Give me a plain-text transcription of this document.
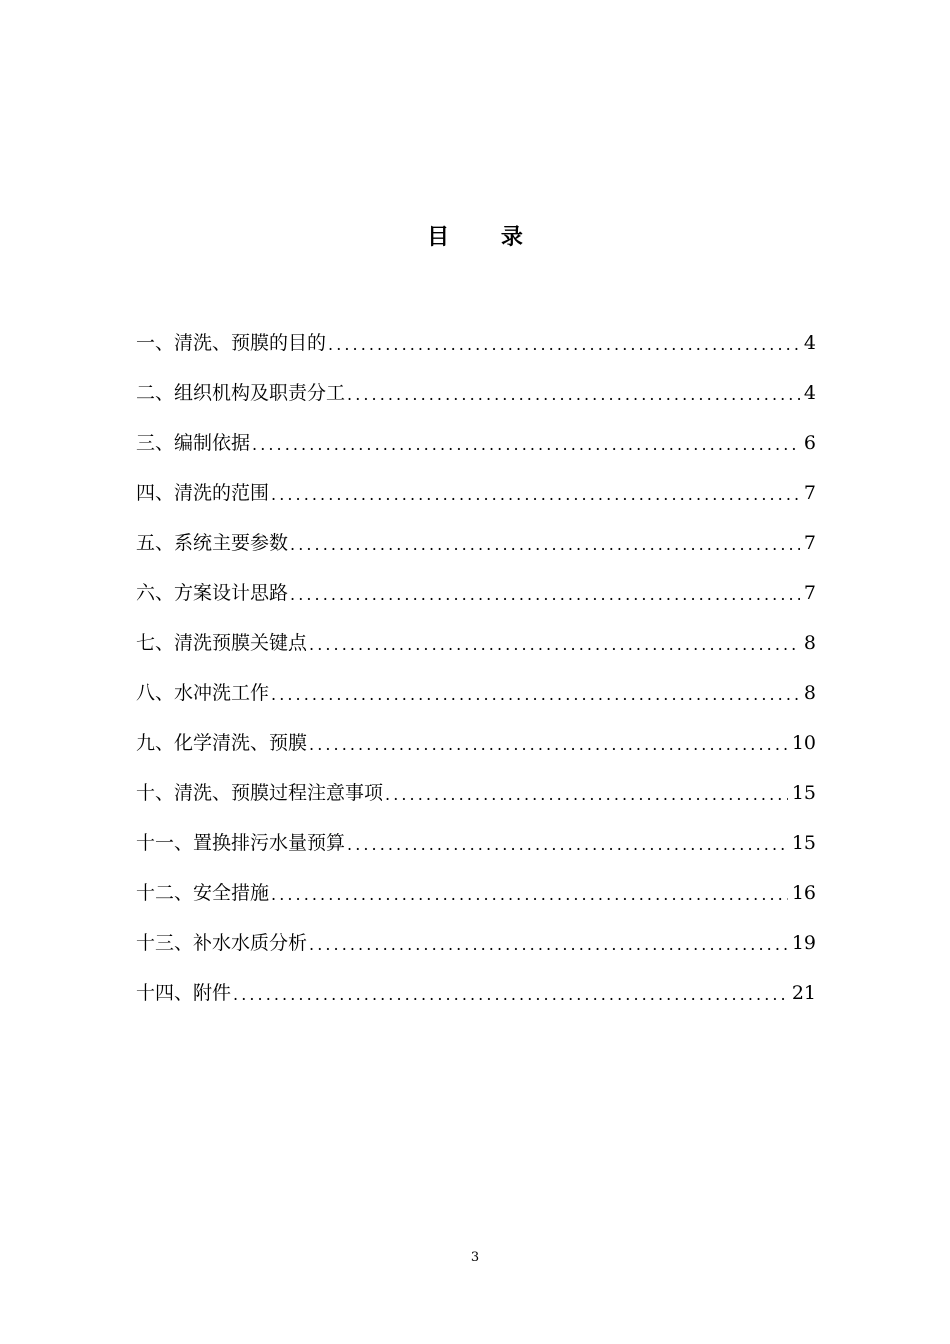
目 录
一、清洗、预膜的目的 . . .	4
二、组织机构及职责分工 . . .	4
三、编制依据 . . .	6
四、清洗的范围 . . .	7
五、系统主要参数 . . .	7
六、方案设计思路 . . .	7
七、清洗预膜关键点 . . .	8
八、水冲洗工作 . . .	8
九、化学清洗、预膜 . . .	10
十、清洗、预膜过程注意事项 . . .	15
十一、置换排污水量预算 . . .	15
十二、安全措施 . . .	16
十三、补水水质分析 . . .	19
十四、附件 . . .	21
3
